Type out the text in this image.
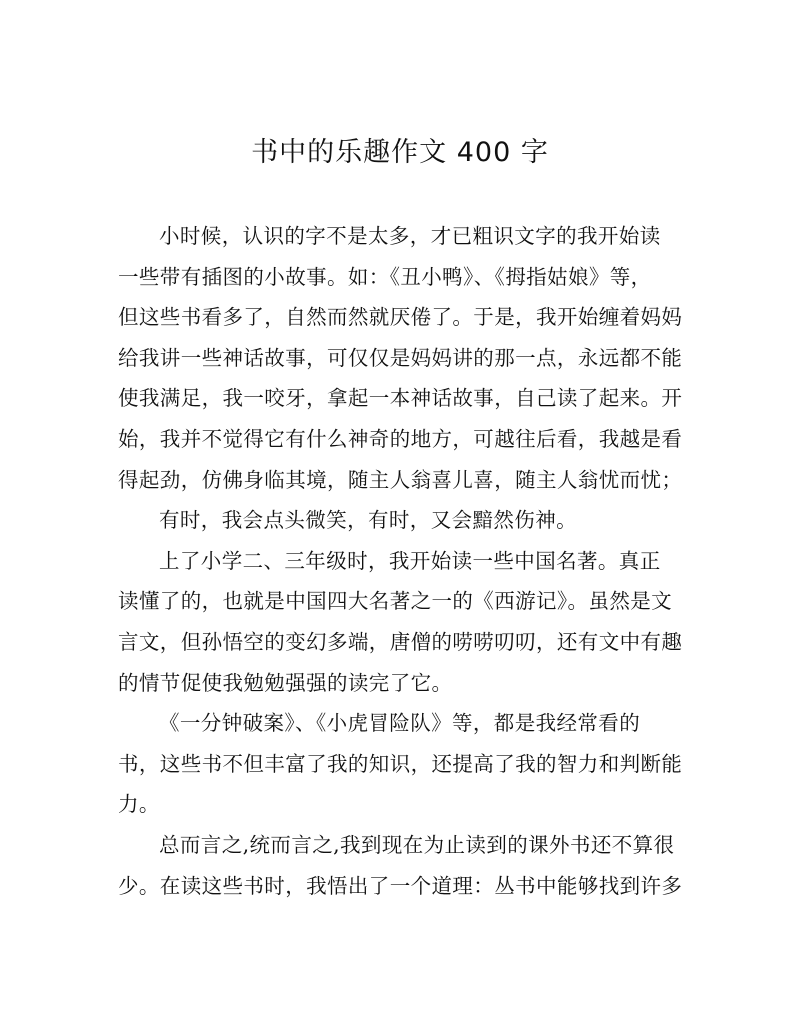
书中的乐趣作文 400 字

小时候，认识的字不是太多，才已粗识文字的我开始读
一些带有插图的小故事。如：《丑小鸭》、《拇指姑娘》等，
但这些书看多了，自然而然就厌倦了。于是，我开始缠着妈妈
给我讲一些神话故事，可仅仅是妈妈讲的那一点，永远都不能
使我满足，我一咬牙，拿起一本神话故事，自己读了起来。开
始，我并不觉得它有什么神奇的地方，可越往后看，我越是看
得起劲，仿佛身临其境，随主人翁喜儿喜，随主人翁忧而忧；

有时，我会点头微笑，有时，又会黯然伤神。

上了小学二、三年级时，我开始读一些中国名著。真正
读懂了的，也就是中国四大名著之一的《西游记》。虽然是文
言文，但孙悟空的变幻多端，唐僧的唠唠叨叨，还有文中有趣
的情节促使我勉勉强强的读完了它。

《一分钟破案》、《小虎冒险队》等，都是我经常看的
书，这些书不但丰富了我的知识，还提高了我的智力和判断能
力。

总而言之,统而言之,我到现在为止读到的课外书还不算很
少。在读这些书时，我悟出了一个道理：丛书中能够找到许多
